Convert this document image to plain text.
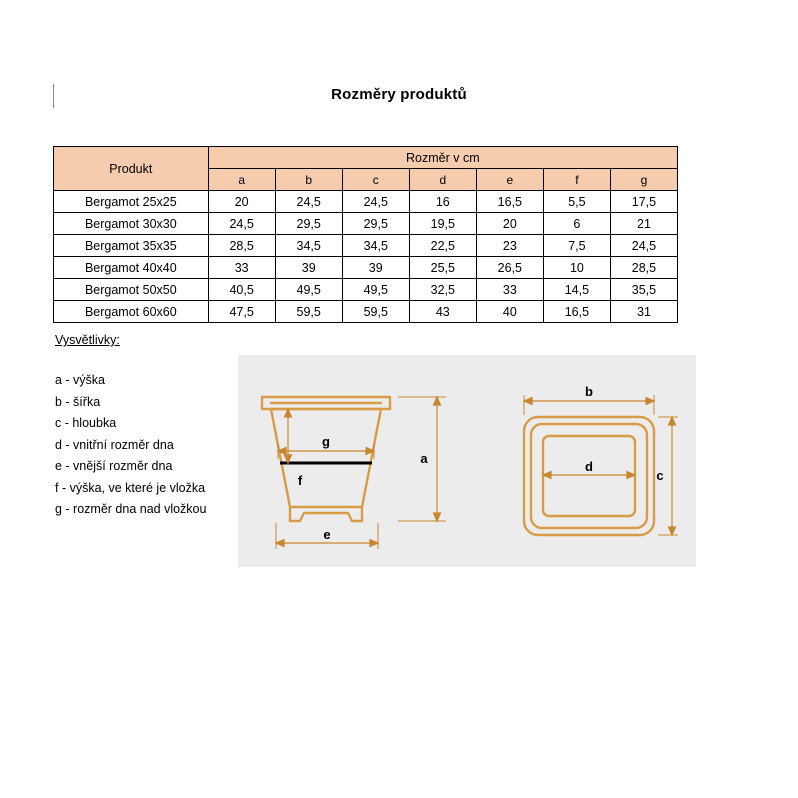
Rozměry produktů
Produkt	Rozměr v cm						
	a	b	c	d	e	f	g
Bergamot 25x25	20	24,5	24,5	16	16,5	5,5	17,5
Bergamot 30x30	24,5	29,5	29,5	19,5	20	6	21
Bergamot 35x35	28,5	34,5	34,5	22,5	23	7,5	24,5
Bergamot 40x40	33	39	39	25,5	26,5	10	28,5
Bergamot 50x50	40,5	49,5	49,5	32,5	33	14,5	35,5
Bergamot 60x60	47,5	59,5	59,5	43	40	16,5	31
Vysvětlivky:
a - výška
b - šířka
c - hloubka
d - vnitřní rozměr dna
e - vnější rozměr dna
f - výška, ve které je vložka
g - rozměr dna nad vložkou
g
f
a
e
b
c
d
